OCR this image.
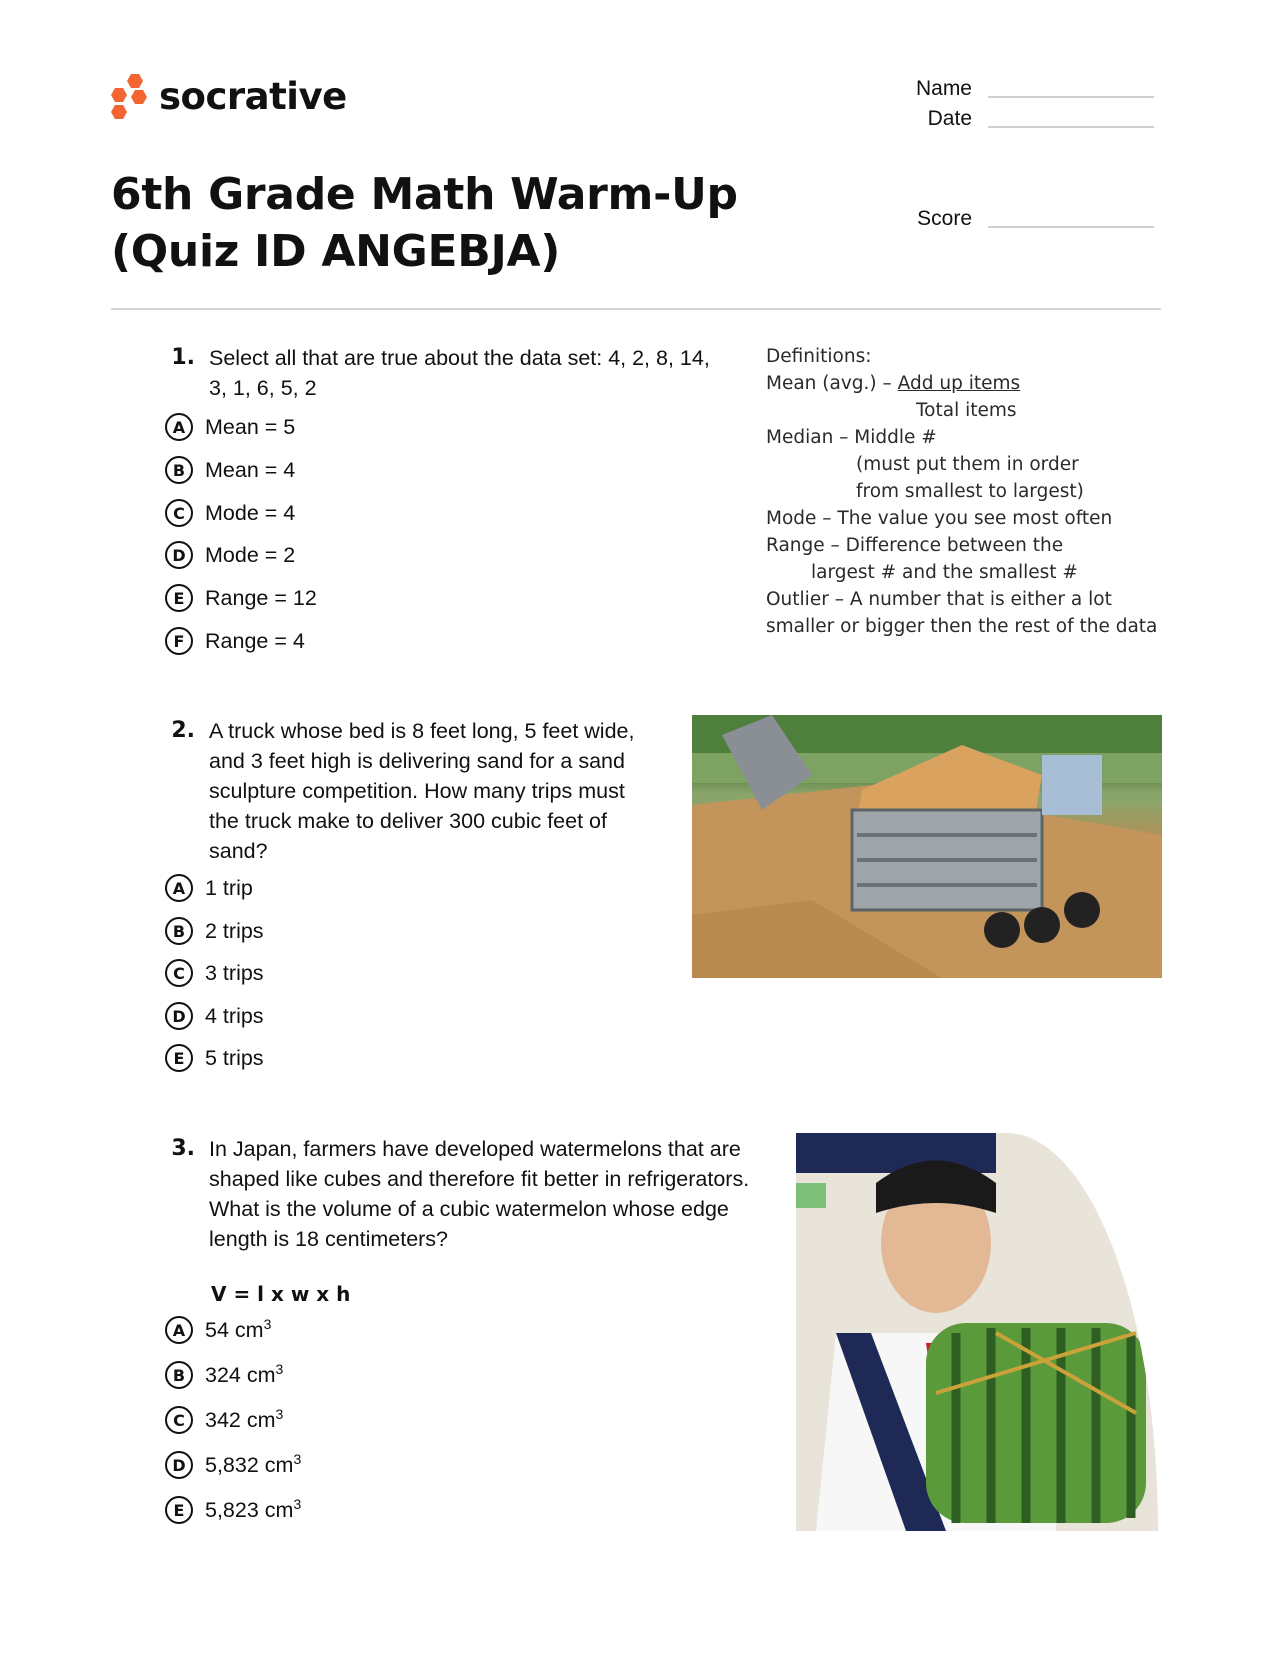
socrative	Name
Date
Score
6th Grade Math Warm-Up (Quiz ID ANGEBJA)
1. Select all that are true about the data set: 4, 2, 8, 14, 3, 1, 6, 5, 2
A Mean = 5
B Mean = 4
C Mode = 4
D Mode = 2
E Range = 12
F Range = 4
Definitions:
Mean (avg.) – Add up items
Total items
Median – Middle #
(must put them in order
from smallest to largest)
Mode – The value you see most often
Range – Difference between the
largest # and the smallest #
Outlier – A number that is either a lot
smaller or bigger then the rest of the data
2. A truck whose bed is 8 feet long, 5 feet wide, and 3 feet high is delivering sand for a sand sculpture competition. How many trips must the truck make to deliver 300 cubic feet of sand?
A 1 trip
B 2 trips
C 3 trips
D 4 trips
E 5 trips
3. In Japan, farmers have developed watermelons that are shaped like cubes and therefore fit better in refrigerators. What is the volume of a cubic watermelon whose edge length is 18 centimeters?
V = l x w x h
A 54 $cm^3$
B 324 $cm^3$
C 342 $cm^3$
D 5,832 $cm^3$
E 5,823 $cm^3$
